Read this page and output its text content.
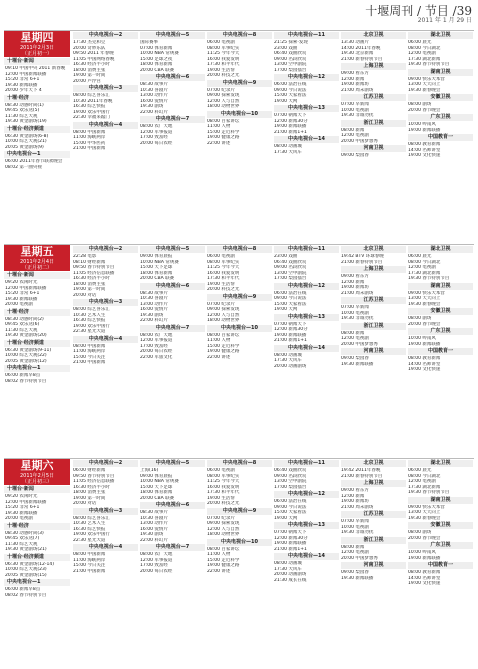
十堰周刊 / 节目 /39
2011 年 1 月 29 日
星期四
2011年2月3日
（正月初一）
十堰台·新闻
09:10 中国中央 2011 新春晚
12:00 中国新闻联播
15:20 非常 6+1
19:30 新闻联播
20:00 少年天下 4
十堰·经济
08:30 动感时尚(1)
09:45 欢乐送(5)
11:30 综艺大观
19:30 黄金剧场(19)
十堰台·经济频道
06:30 黄金剧场(6-8)
10:00 综艺大观(21)
20:05 黄金剧场(9)
中央电视台—1
06:00 2011年春节联欢晚会
08:02 第一曲央视
中央电视台—2
17:30 杰克和豆
20:00 奇妙乐队
09:50 2011 年春晚
11:05 中国网络春晚
16:30 经济半小时
18:00 消费主张
19:00 第一时间
20:00 卢浮宫
中央电视台—3
08:00 综艺喜乐汇
10:30 2011年春晚
16:30 综艺快报
19:00 欢乐中国行
22:30 幸福来敲门
中央电视台—4
08:00 中国新闻
11:00 海峡两岸
15:00 中华医药
21:00 中国新闻
中央电视台—5
国际赛事
07:00 体育新闻
10:00 NBA 常规赛
15:00 足球之夜
18:00 体育新闻
20:00 CBA 联赛
中央电视台—6
08:30 故事片
10:30 喜剧片
13:00 动作片
16:00 爱情片
19:30 剧场
22:00 科幻片
中央电视台—7
08:00 农广天地
12:00 军事报道
17:00 致富经
20:00 每日农经
中央电视台—8
06:00 电视剧
08:00 军事纪实
11:25 今年今天
16:00 我爱发明
17:30 和平年代
19:00 生活帮
20:00 科技之光
中央电视台—9
07:00 纪录片
09:00 探索发现
12:00 人与自然
18:00 动物世界
中央电视台—10
08:00 百家讲坛
11:00 人物
15:00 走近科学
19:00 健康之路
22:00 讲述
中央电视台—11
21:25 探索·发现
23:00 戏曲
06:40 戏曲欣赏
09:00 名段欣赏
13:00 空中剧院
17:00 梨园擂台
中央电视台—12
06:00 法治在线
09:00 今日说法
15:00 大家看法
19:00 天网
中央电视台—13
07:00 朝闻天下
12:00 新闻30分
19:00 新闻联播
21:00 新闻1+1
中央电视台—14
08:00 动画城
17:30 大风车
北京卫视
13:30 动画片
14:00 2011年春晚
19:30 北京新闻
21:00 新春特别节目
上海卫视
09:00 看东方
12:00 新闻
19:00 新闻坊
21:00 周末剧场
江苏卫视
07:00 早新闻
10:00 电视剧
19:30 非诚勿扰
浙江卫视
08:00 新闻
12:00 电视剧
20:00 中国梦想秀
河南卫视
09:00 梨园春
湖北卫视
06:00 晨光
08:00 今日湖北
12:00 电视剧
17:30 湖北新闻
19:30 春节特别节目
湖南卫视
09:00 快乐大本营
13:00 天天向上
19:30 新春晚会
安徽卫视
08:00 剧场
20:00 春节晚会
广东卫视
10:00 岭南风
19:00 新闻联播
中国教育一
08:00 教育新闻
14:00 名师讲堂
19:00 文化快递
星期五
2011年2月4日
（正月初二）
十堰台·新闻
09:20 农闲时光
12:00 中国新闻联播
15:20 非常 6+1
19:30 新闻联播
20:00 电视剧
十堰·经济
08:30 动感时尚(2)
09:45 欢乐送(6)
11:30 综艺大观
19:30 黄金剧场(20)
十堰台·经济频道
06:30 黄金剧场(9-11)
10:00 综艺大观(22)
20:05 黄金剧场(12)
中央电视台—1
06:00 新闻早8点
08:02 春节特别节目
中央电视台—2
22:28 电影
08:10 财经新闻
09:50 春节特别节目
11:05 经济信息联播
16:30 经济半小时
18:00 消费主张
19:00 第一时间
20:00 对话
中央电视台—3
08:00 综艺喜乐汇
10:30 艺术人生
16:30 综艺快报
19:00 欢乐中国行
22:30 星光大道
中央电视台—4
08:00 中国新闻
11:00 海峡两岸
15:00 今日关注
21:00 中国新闻
中央电视台—5
09:00 体育晨报
10:00 NBA 常规赛
15:00 天下足球
18:00 体育新闻
20:00 CBA 联赛
中央电视台—6
08:30 故事片
10:30 喜剧片
13:00 动作片
16:00 爱情片
19:30 剧场
22:00 科幻片
中央电视台—7
08:00 农广天地
12:00 军事报道
17:00 致富经
20:00 每日农经
22:00 军旅文化
中央电视台—8
06:00 电视剧
08:00 军事纪实
11:25 今年今天
16:00 我爱发明
17:30 和平年代
19:00 生活帮
20:00 科技之光
中央电视台—9
07:00 纪录片
09:00 探索发现
12:00 人与自然
18:00 动物世界
中央电视台—10
08:00 百家讲坛
11:00 人物
15:00 走近科学
19:00 健康之路
22:00 讲述
中央电视台—11
23:00 戏曲
06:40 戏曲欣赏
09:00 名段欣赏
13:00 空中剧院
17:00 梨园擂台
中央电视台—12
06:00 法治在线
09:00 今日说法
15:00 大家看法
19:00 天网
中央电视台—13
07:00 朝闻天下
12:00 新闻30分
19:00 新闻联播
21:00 新闻1+1
中央电视台—14
08:00 动画城
17:30 大风车
20:00 动画剧场
北京卫视
19:42 BTV 环球春晚
21:00 新春特别节目
上海卫视
09:00 看东方
12:00 新闻
19:00 新闻坊
21:00 周末剧场
江苏卫视
07:00 早新闻
10:00 电视剧
19:30 非诚勿扰
浙江卫视
08:00 新闻
12:00 电视剧
20:00 中国梦想秀
河南卫视
09:00 梨园春
19:30 新闻联播
湖北卫视
06:00 晨光
08:00 今日湖北
12:00 电视剧
17:30 湖北新闻
19:30 春节特别节目
湖南卫视
09:00 快乐大本营
13:00 天天向上
19:30 新春晚会
安徽卫视
08:00 剧场
20:00 春节晚会
广东卫视
10:00 岭南风
19:00 新闻联播
中国教育一
08:00 教育新闻
14:00 名师讲堂
19:00 文化快递
星期六
2011年2月5日
（正月初三）
十堰台·新闻
09:20 农闲时光
12:00 中国新闻联播
15:20 非常 6+1
19:30 新闻联播
20:00 电视剧
十堰·经济
08:30 动感时尚(3)
09:45 欢乐送(7)
11:30 综艺大观
19:30 黄金剧场(21)
十堰台·经济频道
06:30 黄金剧场(12-14)
10:00 综艺大观(23)
20:05 黄金剧场(15)
中央电视台—1
06:00 新闻早8点
08:02 春节特别节目
中央电视台—2
06:00 财经新闻
09:50 春节特别节目
11:05 经济信息联播
16:30 经济半小时
18:00 消费主张
19:00 第一时间
20:00 对话
中央电视台—3
08:00 综艺喜乐汇
10:30 艺术人生
16:30 综艺快报
19:00 欢乐中国行
22:30 星光大道
中央电视台—4
08:00 中国新闻
11:00 海峡两岸
15:00 今日关注
21:00 中国新闻
中央电视台—5
上海(16)
09:00 体育晨报
10:00 NBA 常规赛
15:00 天下足球
18:00 体育新闻
20:00 CBA 联赛
中央电视台—6
08:30 故事片
10:30 喜剧片
13:00 动作片
16:00 爱情片
19:30 剧场
22:00 科幻片
中央电视台—7
08:00 农广天地
12:00 军事报道
17:00 致富经
20:00 每日农经
中央电视台—8
06:00 电视剧
08:00 军事纪实
11:25 今年今天
16:00 我爱发明
17:30 和平年代
19:00 生活帮
20:00 科技之光
中央电视台—9
07:00 纪录片
09:00 探索发现
12:00 人与自然
18:00 动物世界
中央电视台—10
08:00 百家讲坛
11:00 人物
15:00 走近科学
19:00 健康之路
22:00 讲述
中央电视台—11
06:40 戏曲欣赏
09:00 名段欣赏
13:00 空中剧院
17:00 梨园擂台
中央电视台—12
06:00 法治在线
09:00 今日说法
15:00 大家看法
19:00 天网
中央电视台—13
07:00 朝闻天下
12:00 新闻30分
19:00 新闻联播
21:00 新闻1+1
中央电视台—14
08:00 动画城
17:30 大风车
20:00 动画剧场
21:30 成长在线
北京卫视
19:42 2011年春晚
21:00 新春特别节目
上海卫视
09:00 看东方
12:00 新闻
19:00 新闻坊
21:00 周末剧场
江苏卫视
07:00 早新闻
10:00 电视剧
19:30 非诚勿扰
浙江卫视
08:00 新闻
12:00 电视剧
20:00 中国梦想秀
河南卫视
09:00 梨园春
19:30 新闻联播
湖北卫视
06:00 晨光
08:00 今日湖北
12:00 电视剧
17:30 湖北新闻
19:30 春节特别节目
湖南卫视
09:00 快乐大本营
13:00 天天向上
19:30 新春晚会
安徽卫视
08:00 剧场
20:00 春节晚会
广东卫视
10:00 岭南风
19:00 新闻联播
中国教育一
08:00 教育新闻
14:00 名师讲堂
19:00 文化快递
